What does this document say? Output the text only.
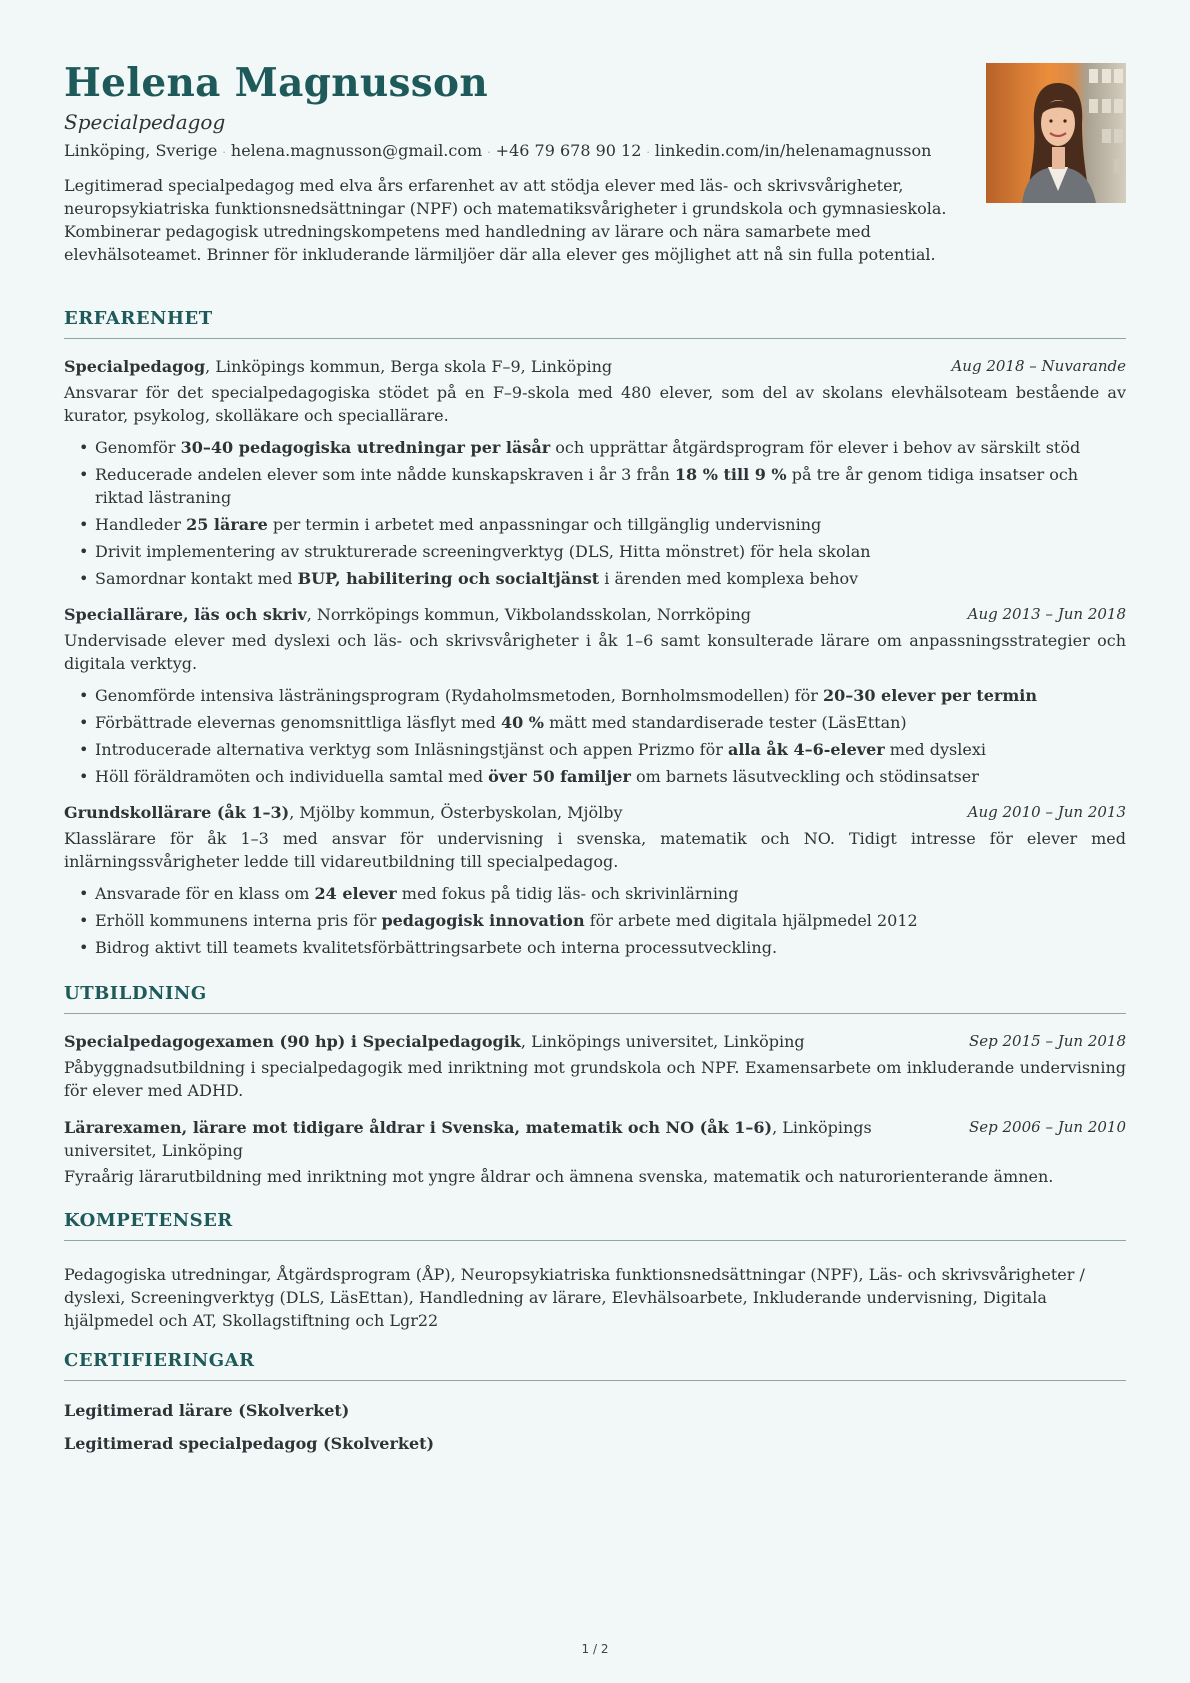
Helena Magnusson
Specialpedagog
Linköping, Sverige · helena.magnusson@gmail.com · +46 79 678 90 12 · linkedin.com/in/helenamagnusson
Legitimerad specialpedagog med elva års erfarenhet av att stödja elever med läs- och skrivsvårigheter, neuropsykiatriska funktionsnedsättningar (NPF) och matematiksvårigheter i grundskola och gymnasieskola. Kombinerar pedagogisk utredningskompetens med handledning av lärare och nära samarbete med elevhälsoteamet. Brinner för inkluderande lärmiljöer där alla elever ges möjlighet att nå sin fulla potential.
ERFARENHET
Specialpedagog, Linköpings kommun, Berga skola F–9, Linköping	Aug 2018 – Nuvarande
Ansvarar för det specialpedagogiska stödet på en F–9-skola med 480 elever, som del av skolans elevhälsoteam bestående av kurator, psykolog, skolläkare och speciallärare.
• Genomför 30–40 pedagogiska utredningar per läsår och upprättar åtgärdsprogram för elever i behov av särskilt stöd
• Reducerade andelen elever som inte nådde kunskapskraven i år 3 från 18 % till 9 % på tre år genom tidiga insatser och riktad lästraning
• Handleder 25 lärare per termin i arbetet med anpassningar och tillgänglig undervisning
• Drivit implementering av strukturerade screeningverktyg (DLS, Hitta mönstret) för hela skolan
• Samordnar kontakt med BUP, habilitering och socialtjänst i ärenden med komplexa behov
Speciallärare, läs och skriv, Norrköpings kommun, Vikbolandsskolan, Norrköping	Aug 2013 – Jun 2018
Undervisade elever med dyslexi och läs- och skrivsvårigheter i åk 1–6 samt konsulterade lärare om anpassningsstrategier och digitala verktyg.
• Genomförde intensiva lästräningsprogram (Rydaholmsmetoden, Bornholmsmodellen) för 20–30 elever per termin
• Förbättrade elevernas genomsnittliga läsflyt med 40 % mätt med standardiserade tester (LäsEttan)
• Introducerade alternativa verktyg som Inläsningstjänst och appen Prizmo för alla åk 4–6-elever med dyslexi
• Höll föräldramöten och individuella samtal med över 50 familjer om barnets läsutveckling och stödinsatser
Grundskollärare (åk 1–3), Mjölby kommun, Österbyskolan, Mjölby	Aug 2010 – Jun 2013
Klasslärare för åk 1–3 med ansvar för undervisning i svenska, matematik och NO. Tidigt intresse för elever med inlärningssvårigheter ledde till vidareutbildning till specialpedagog.
• Ansvarade för en klass om 24 elever med fokus på tidig läs- och skrivinlärning
• Erhöll kommunens interna pris för pedagogisk innovation för arbete med digitala hjälpmedel 2012
• Bidrog aktivt till teamets kvalitetsförbättringsarbete och interna processutveckling.
UTBILDNING
Specialpedagogexamen (90 hp) i Specialpedagogik, Linköpings universitet, Linköping	Sep 2015 – Jun 2018
Påbyggnadsutbildning i specialpedagogik med inriktning mot grundskola och NPF. Examensarbete om inkluderande undervisning för elever med ADHD.
Lärarexamen, lärare mot tidigare åldrar i Svenska, matematik och NO (åk 1–6), Linköpings universitet, Linköping
Sep 2006 – Jun 2010
Fyraårig lärarutbildning med inriktning mot yngre åldrar och ämnena svenska, matematik och naturorienterande ämnen.
KOMPETENSER
Pedagogiska utredningar, Åtgärdsprogram (ÅP), Neuropsykiatriska funktionsnedsättningar (NPF), Läs- och skrivsvårigheter / dyslexi, Screeningverktyg (DLS, LäsEttan), Handledning av lärare, Elevhälsoarbete, Inkluderande undervisning, Digitala hjälpmedel och AT, Skollagstiftning och Lgr22
CERTIFIERINGAR
Legitimerad lärare (Skolverket)
Legitimerad specialpedagog (Skolverket)
1 / 2
